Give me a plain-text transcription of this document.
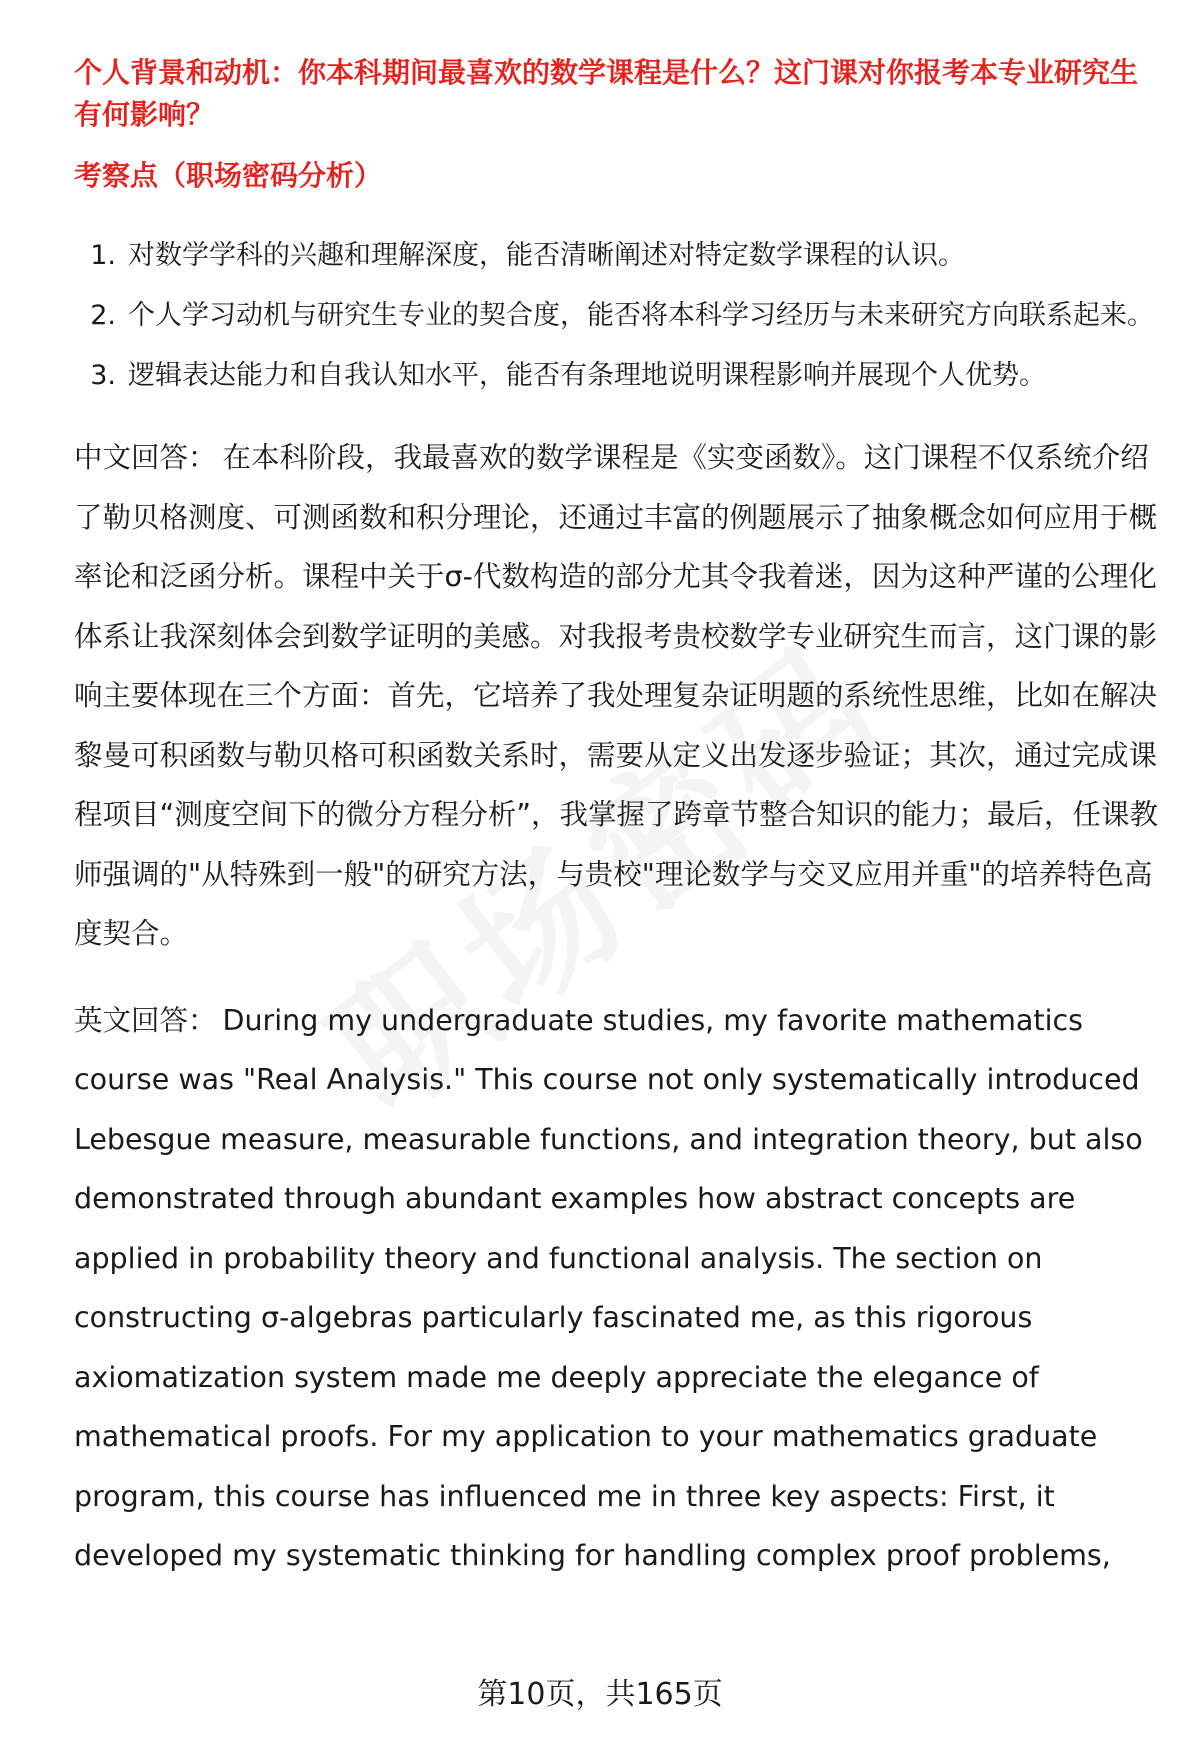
个人背景和动机：你本科期间最喜欢的数学课程是什么？这门课对你报考本专业研究生有何影响？

考察点（职场密码分析）

1. 对数学学科的兴趣和理解深度，能否清晰阐述对特定数学课程的认识。
2. 个人学习动机与研究生专业的契合度，能否将本科学习经历与未来研究方向联系起来。
3. 逻辑表达能力和自我认知水平，能否有条理地说明课程影响并展现个人优势。

中文回答： 在本科阶段，我最喜欢的数学课程是《实变函数》。这门课程不仅系统介绍了勒贝格测度、可测函数和积分理论，还通过丰富的例题展示了抽象概念如何应用于概率论和泛函分析。课程中关于σ-代数构造的部分尤其令我着迷，因为这种严谨的公理化体系让我深刻体会到数学证明的美感。对我报考贵校数学专业研究生而言，这门课的影响主要体现在三个方面：首先，它培养了我处理复杂证明题的系统性思维，比如在解决黎曼可积函数与勒贝格可积函数关系时，需要从定义出发逐步验证；其次，通过完成课程项目“测度空间下的微分方程分析”，我掌握了跨章节整合知识的能力；最后，任课教师强调的"从特殊到一般"的研究方法，与贵校"理论数学与交叉应用并重"的培养特色高度契合。

英文回答： During my undergraduate studies, my favorite mathematics course was "Real Analysis." This course not only systematically introduced Lebesgue measure, measurable functions, and integration theory, but also demonstrated through abundant examples how abstract concepts are applied in probability theory and functional analysis. The section on constructing σ-algebras particularly fascinated me, as this rigorous axiomatization system made me deeply appreciate the elegance of mathematical proofs. For my application to your mathematics graduate program, this course has influenced me in three key aspects: First, it developed my systematic thinking for handling complex proof problems,

第10页，共165页
